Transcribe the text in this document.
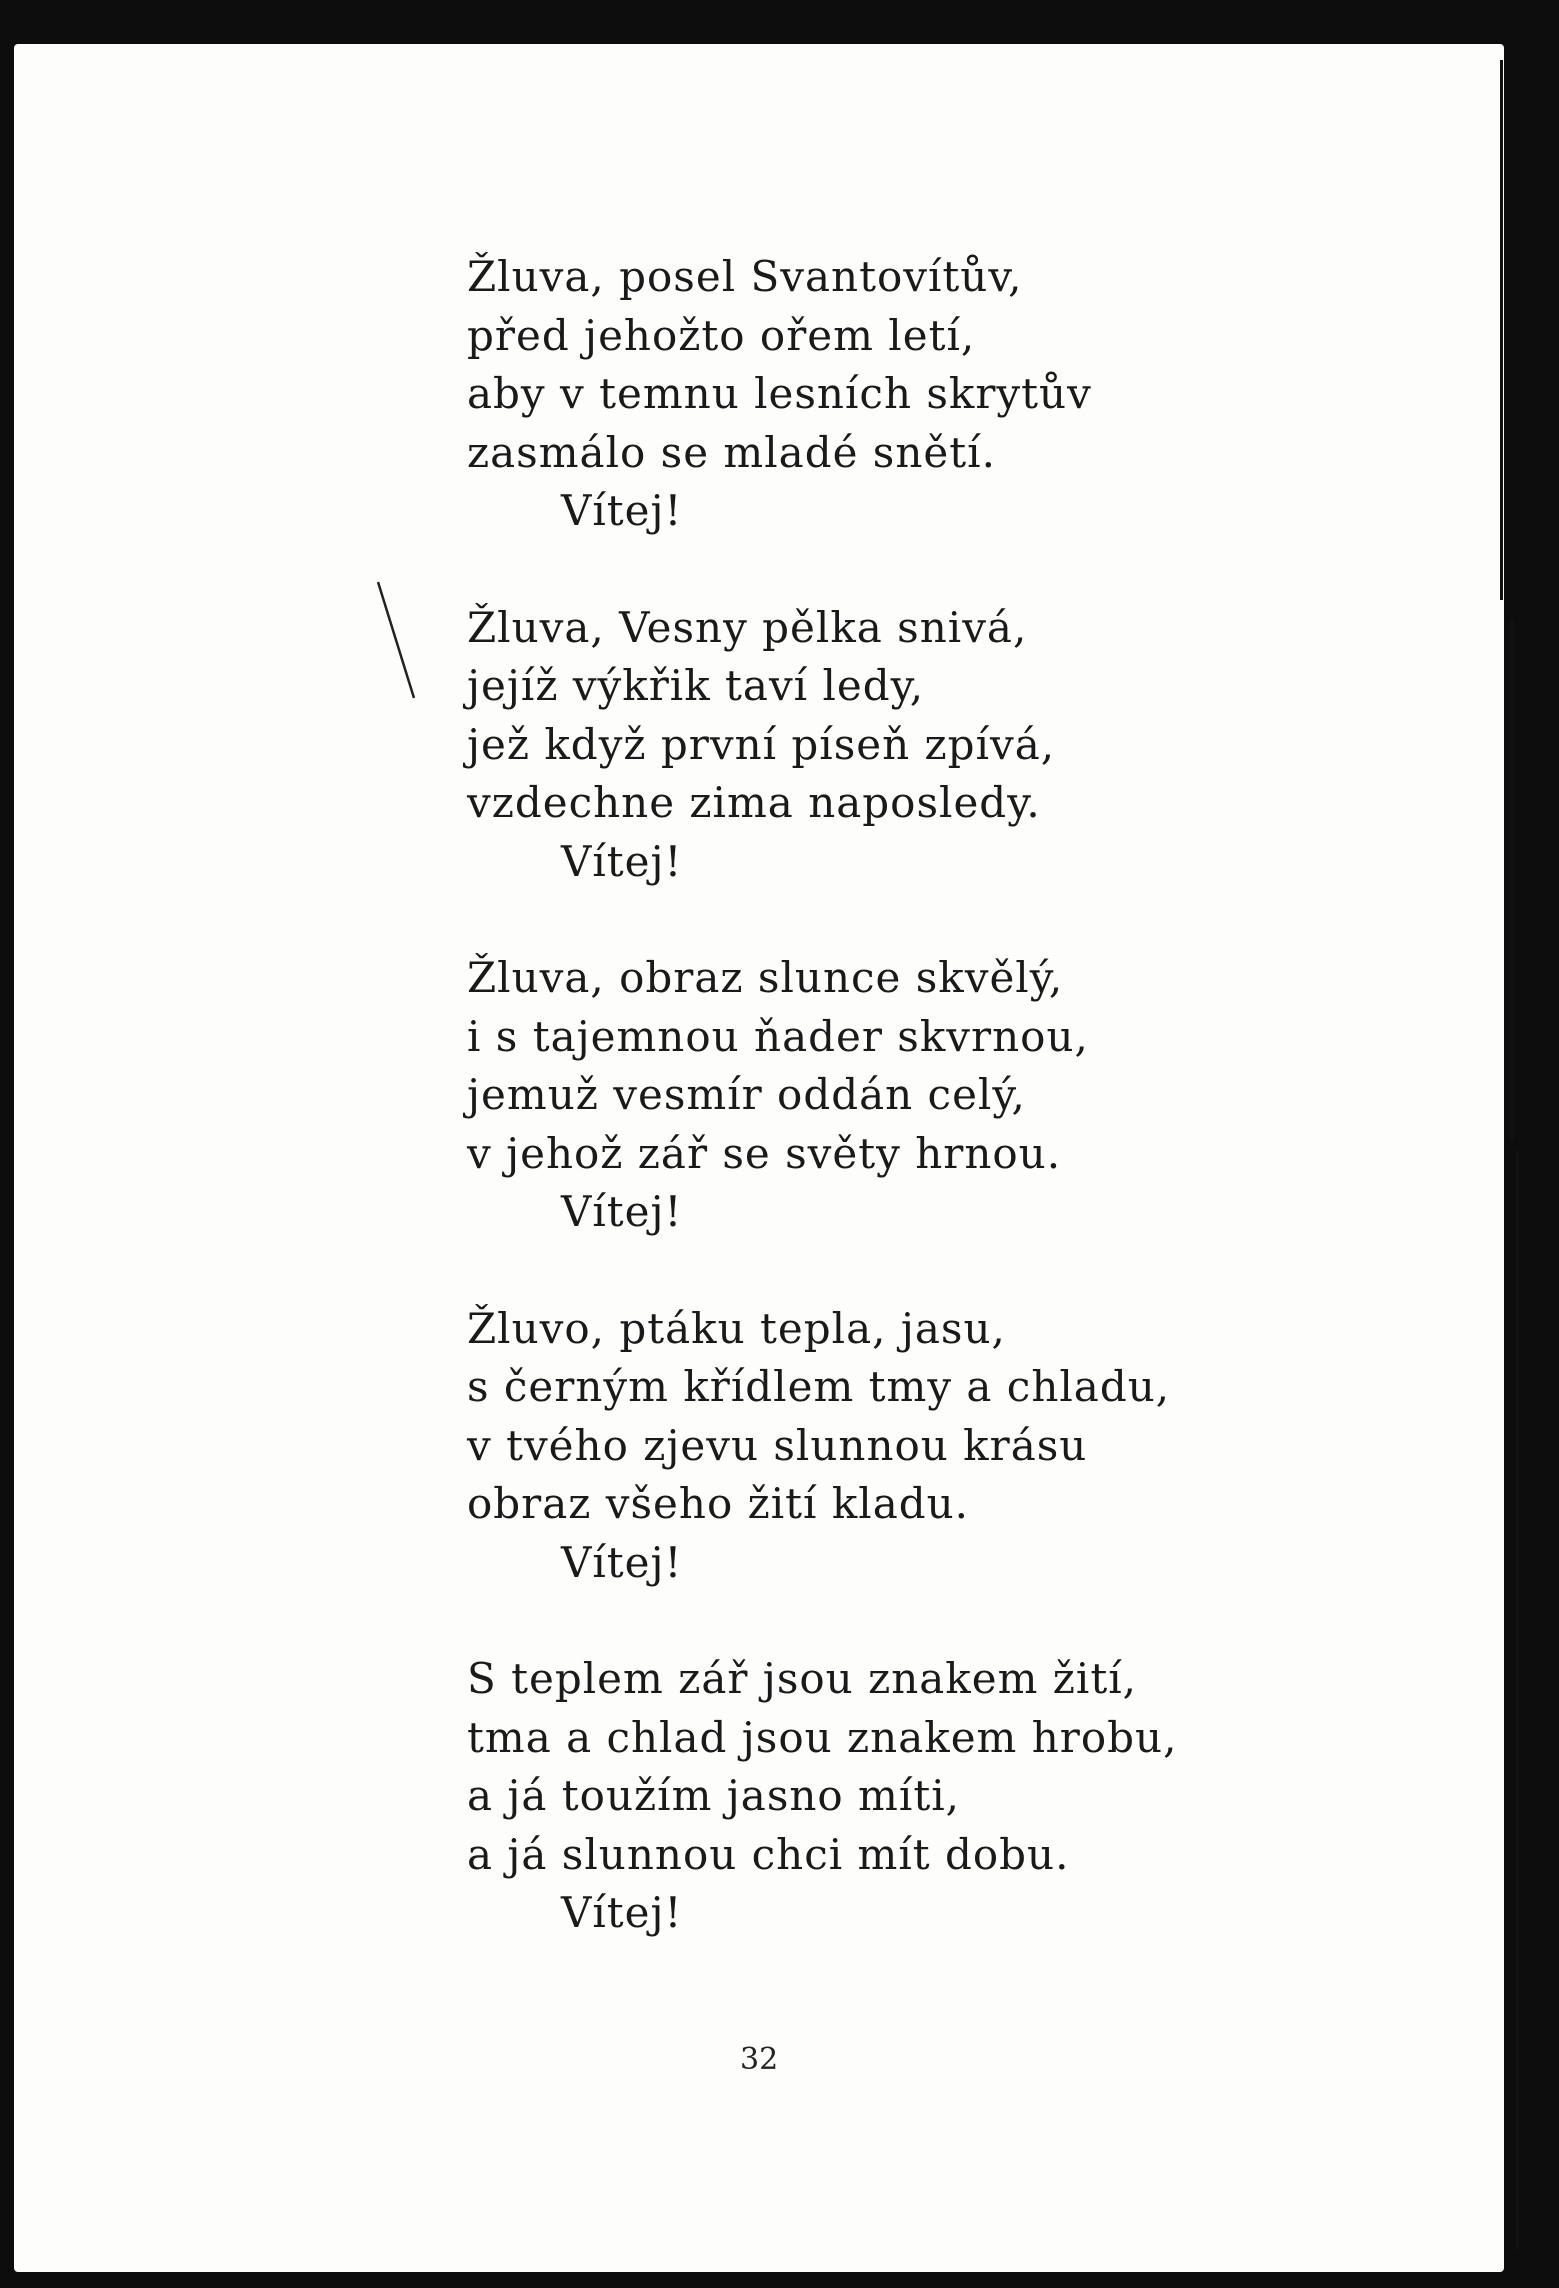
Žluva, posel Svantovítův,
před jehožto ořem letí,
aby v temnu lesních skrytův
zasmálo se mladé snětí.
Vítej!
Žluva, Vesny pělka snivá,
jejíž výkřik taví ledy,
jež když první píseň zpívá,
vzdechne zima naposledy.
Vítej!
Žluva, obraz slunce skvělý,
i s tajemnou ňader skvrnou,
jemuž vesmír oddán celý,
v jehož zář se světy hrnou.
Vítej!
Žluvo, ptáku tepla, jasu,
s černým křídlem tmy a chladu,
v tvého zjevu slunnou krásu
obraz všeho žití kladu.
Vítej!
S teplem zář jsou znakem žití,
tma a chlad jsou znakem hrobu,
a já toužím jasno míti,
a já slunnou chci mít dobu.
Vítej!
32
